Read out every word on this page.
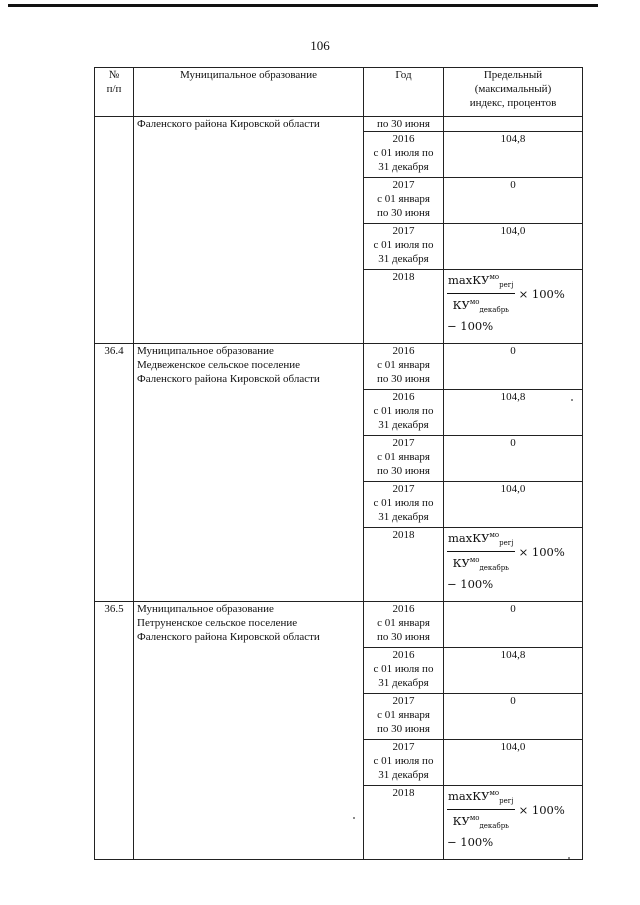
106
№
п/п	Муниципальное образование	Год	Предельный
(максимальный)
индекс, процентов
	Фаленского района Кировской области	по 30 июня	
		2016
с 01 июля по
31 декабря	104,8
		2017
с 01 января
по 30 июня	0
		2017
с 01 июля по
31 декабря	104,0
		2018	$\frac{\max КУ^{мо}_{регj}}{КУ^{мо}_{декабрь}} \times 100\%$
− 100%

36.4	Муниципальное образование
Медвеженское сельское поселение
Фаленского района Кировской области	2016
с 01 января
по 30 июня	0
		2016
с 01 июля по
31 декабря	104,8
		2017
с 01 января
по 30 июня	0
		2017
с 01 июля по
31 декабря	104,0
		2018	$\frac{\max КУ^{мо}_{регj}}{КУ^{мо}_{декабрь}} \times 100\%$
− 100%

36.5	Муниципальное образование
Петруненское сельское поселение
Фаленского района Кировской области	2016
с 01 января
по 30 июня	0
		2016
с 01 июля по
31 декабря	104,8
		2017
с 01 января
по 30 июня	0
		2017
с 01 июля по
31 декабря	104,0
		2018	$\frac{\max КУ^{мо}_{регj}}{КУ^{мо}_{декабрь}} \times 100\%$
− 100%
